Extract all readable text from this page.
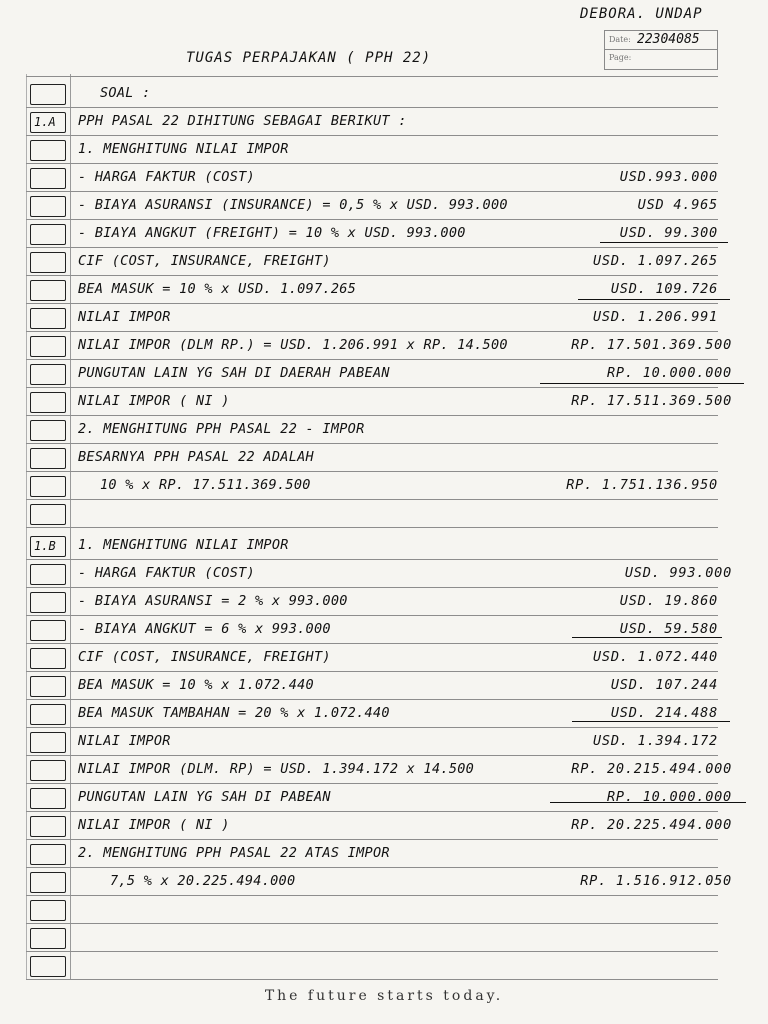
DEBORA. UNDAP
Date: 22304085
Page:
TUGAS PERPAJAKAN ( PPH 22)
SOAL :
1.A PPH PASAL 22 DIHITUNG SEBAGAI BERIKUT :
1. MENGHITUNG NILAI IMPOR
- HARGA FAKTUR (COST)	USD.993.000
- BIAYA ASURANSI (INSURANCE) = 0,5 % x USD. 993.000	USD 4.965
- BIAYA ANGKUT (FREIGHT) = 10 % x USD. 993.000	USD. 99.300
CIF (COST, INSURANCE, FREIGHT)	USD. 1.097.265
BEA MASUK = 10 % x USD. 1.097.265	USD. 109.726
NILAI IMPOR	USD. 1.206.991
NILAI IMPOR (DLM RP.) = USD. 1.206.991 x RP. 14.500	RP. 17.501.369.500
PUNGUTAN LAIN YG SAH DI DAERAH PABEAN	RP. 10.000.000
NILAI IMPOR ( NI )	RP. 17.511.369.500
2. MENGHITUNG PPH PASAL 22 - IMPOR
BESARNYA PPH PASAL 22 ADALAH
10 % x RP. 17.511.369.500	RP. 1.751.136.950
1.B 1. MENGHITUNG NILAI IMPOR
- HARGA FAKTUR (COST)	USD. 993.000
- BIAYA ASURANSI = 2 % x 993.000	USD. 19.860
- BIAYA ANGKUT = 6 % x 993.000	USD. 59.580
CIF (COST, INSURANCE, FREIGHT)	USD. 1.072.440
BEA MASUK = 10 % x 1.072.440	USD. 107.244
BEA MASUK TAMBAHAN = 20 % x 1.072.440	USD. 214.488
NILAI IMPOR	USD. 1.394.172
NILAI IMPOR (DLM. RP) = USD. 1.394.172 x 14.500	RP. 20.215.494.000
PUNGUTAN LAIN YG SAH DI PABEAN	RP. 10.000.000
NILAI IMPOR ( NI )	RP. 20.225.494.000
2. MENGHITUNG PPH PASAL 22 ATAS IMPOR
7,5 % x 20.225.494.000	RP. 1.516.912.050
The future starts today.
